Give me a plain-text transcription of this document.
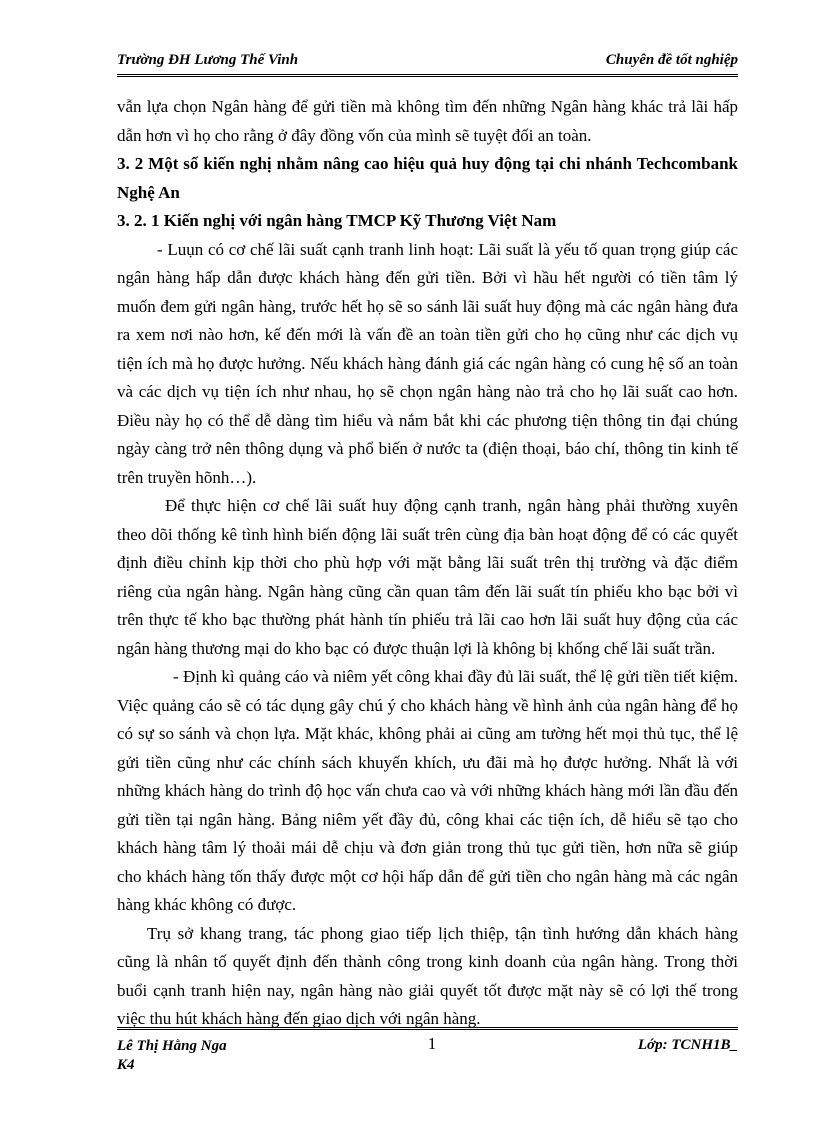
Trường ĐH Lương Thế Vinh	Chuyên đề tốt nghiệp

vẫn lựa chọn Ngân hàng để gửi tiền mà không tìm đến những Ngân hàng khác trả lãi hấp dẫn hơn vì họ cho rằng ở đây đồng vốn của mình sẽ tuyệt đối an toàn.

3. 2 Một số kiến nghị nhằm nâng cao hiệu quả huy động tại chi nhánh Techcombank Nghệ An

3. 2. 1 Kiến nghị với ngân hàng TMCP Kỹ Thương Việt Nam

- Luụn có cơ chế lãi suất cạnh tranh linh hoạt: Lãi suất là yếu tố quan trọng giúp các ngân hàng hấp dẫn được khách hàng đến gửi tiền. Bởi vì hầu hết người có tiền tâm lý muốn đem gửi ngân hàng, trước hết họ sẽ so sánh lãi suất huy động mà các ngân hàng đưa ra xem nơi nào hơn, kế đến mới là vấn đề an toàn tiền gửi cho họ cũng như các dịch vụ tiện ích mà họ được hưởng. Nếu khách hàng đánh giá các ngân hàng có cung hệ số an toàn và các dịch vụ tiện ích như nhau, họ sẽ chọn ngân hàng nào trả cho họ lãi suất cao hơn. Điều này họ có thể dễ dàng tìm hiểu và nắm bắt khi các phương tiện thông tin đại chúng ngày càng trở nên thông dụng và phổ biến ở nước ta (điện thoại, báo chí, thông tin kinh tế trên truyền hõnh…).

Để thực hiện cơ chế lãi suất huy động cạnh tranh, ngân hàng phải thường xuyên theo dõi thống kê tình hình biến động lãi suất trên cùng địa bàn hoạt động để có các quyết định điều chỉnh kịp thời cho phù hợp với mặt bằng lãi suất trên thị trường và đặc điểm riêng của ngân hàng. Ngân hàng cũng cần quan tâm đến lãi suất tín phiếu kho bạc bởi vì trên thực tế kho bạc thường phát hành tín phiếu trả lãi cao hơn lãi suất huy động của các ngân hàng thương mại do kho bạc có được thuận lợi là không bị khống chế lãi suất trần.

- Định kì quảng cáo và niêm yết công khai đầy đủ lãi suất, thể lệ gửi tiền tiết kiệm. Việc quảng cáo sẽ có tác dụng gây chú ý cho khách hàng về hình ảnh của ngân hàng để họ có sự so sánh và chọn lựa. Mặt khác, không phải ai cũng am tường hết mọi thủ tục, thể lệ gửi tiền cũng như các chính sách khuyến khích, ưu đãi mà họ được hưởng. Nhất là với những khách hàng do trình độ học vấn chưa cao và với những khách hàng mới lần đầu đến gửi tiền tại ngân hàng. Bảng niêm yết đầy đủ, công khai các tiện ích, dễ hiểu sẽ tạo cho khách hàng tâm lý thoải mái dễ chịu và đơn giản trong thủ tục gửi tiền, hơn nữa sẽ giúp cho khách hàng tốn thấy được một cơ hội hấp dẫn để gửi tiền cho ngân hàng mà các ngân hàng khác không có được.

Trụ sở khang trang, tác phong giao tiếp lịch thiệp, tận tình hướng dẫn khách hàng cũng là nhân tố quyết định đến thành công trong kinh doanh của ngân hàng. Trong thời buổi cạnh tranh hiện nay, ngân hàng nào giải quyết tốt được mặt này sẽ có lợi thế trong việc thu hút khách hàng đến giao dịch với ngân hàng.

Lê Thị Hằng Nga
K4
1	Lớp: TCNH1B_
